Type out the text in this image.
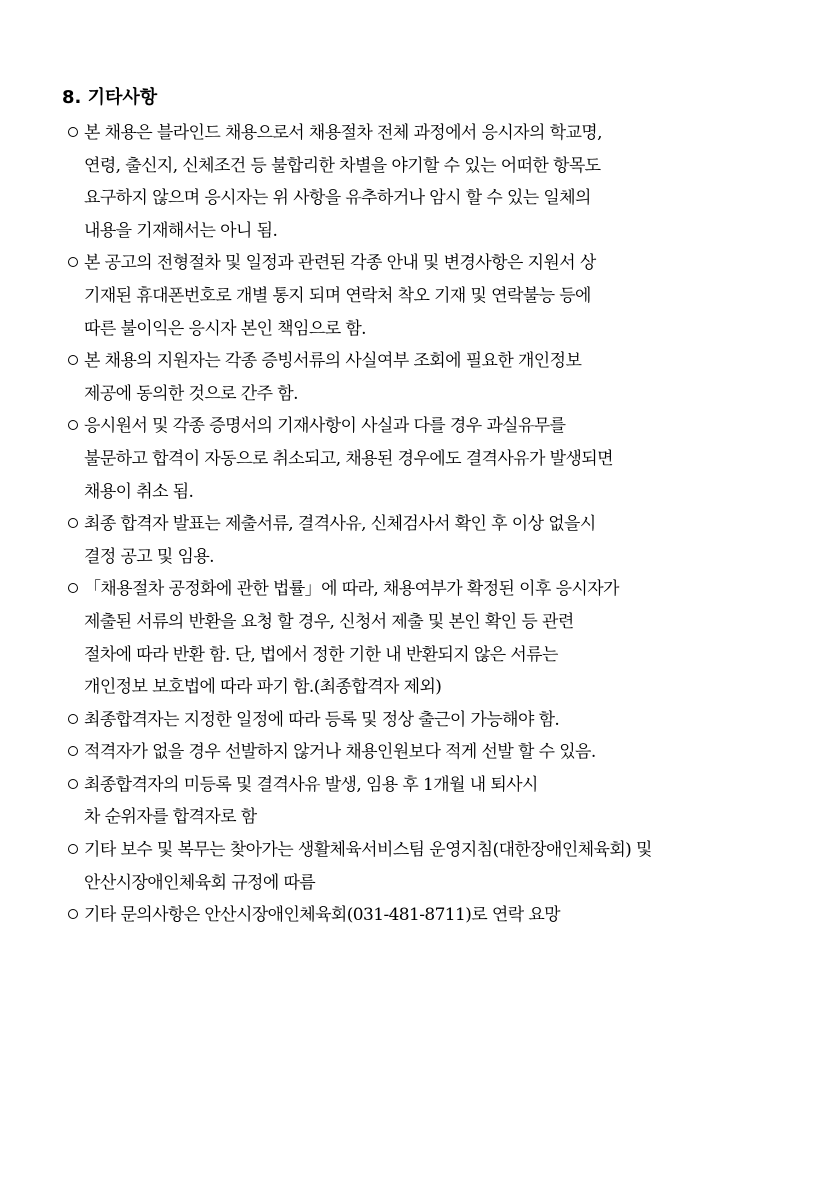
8. 기타사항
본 채용은 블라인드 채용으로서 채용절차 전체 과정에서 응시자의 학교명,
연령, 출신지, 신체조건 등 불합리한 차별을 야기할 수 있는 어떠한 항목도
요구하지 않으며 응시자는 위 사항을 유추하거나 암시 할 수 있는 일체의
내용을 기재해서는 아니 됨.
본 공고의 전형절차 및 일정과 관련된 각종 안내 및 변경사항은 지원서 상
기재된 휴대폰번호로 개별 통지 되며 연락처 착오 기재 및 연락불능 등에
따른 불이익은 응시자 본인 책임으로 함.
본 채용의 지원자는 각종 증빙서류의 사실여부 조회에 필요한 개인정보
제공에 동의한 것으로 간주 함.
응시원서 및 각종 증명서의 기재사항이 사실과 다를 경우 과실유무를
불문하고 합격이 자동으로 취소되고, 채용된 경우에도 결격사유가 발생되면
채용이 취소 됨.
최종 합격자 발표는 제출서류, 결격사유, 신체검사서 확인 후 이상 없을시
결정 공고 및 임용.
「채용절차 공정화에 관한 법률」에 따라, 채용여부가 확정된 이후 응시자가
제출된 서류의 반환을 요청 할 경우, 신청서 제출 및 본인 확인 등 관련
절차에 따라 반환 함. 단, 법에서 정한 기한 내 반환되지 않은 서류는
개인정보 보호법에 따라 파기 함.(최종합격자 제외)
최종합격자는 지정한 일정에 따라 등록 및 정상 출근이 가능해야 함.
적격자가 없을 경우 선발하지 않거나 채용인원보다 적게 선발 할 수 있음.
최종합격자의 미등록 및 결격사유 발생, 임용 후 1개월 내 퇴사시
차 순위자를 합격자로 함
기타 보수 및 복무는 찾아가는 생활체육서비스팀 운영지침(대한장애인체육회) 및
안산시장애인체육회 규정에 따름
기타 문의사항은 안산시장애인체육회(031-481-8711)로 연락 요망
